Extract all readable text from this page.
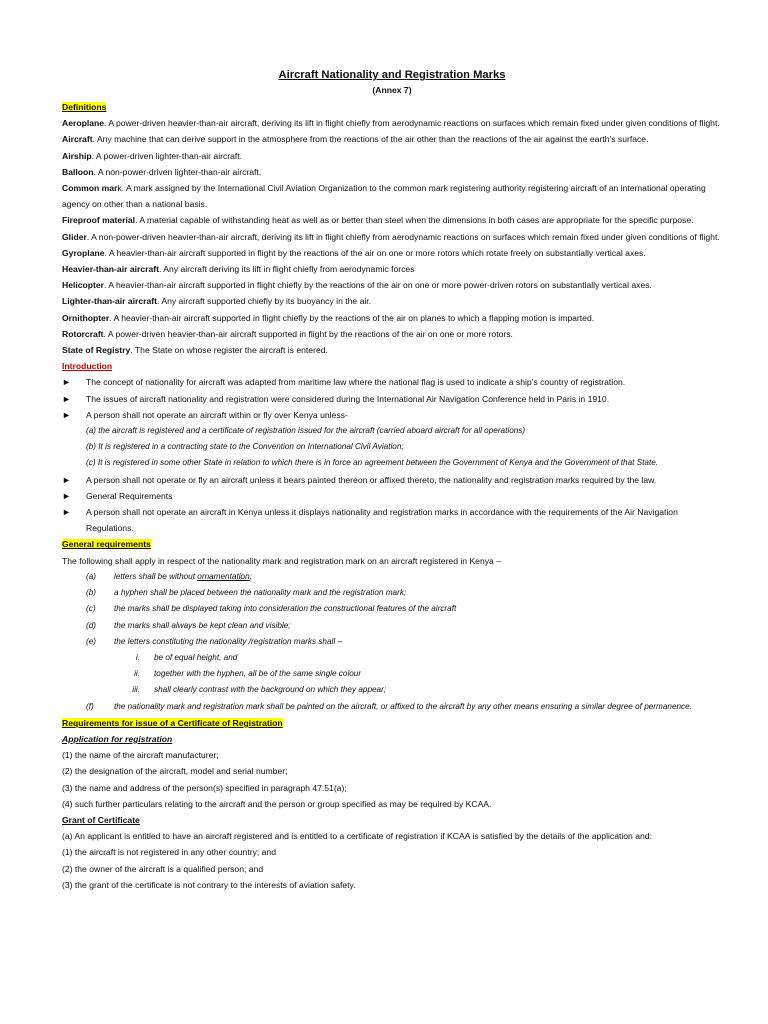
Aircraft Nationality and Registration Marks

(Annex 7)

Definitions

Aeroplane. A power-driven heavier-than-air aircraft, deriving its lift in flight chiefly from aerodynamic reactions on surfaces which remain fixed under given conditions of flight.

Aircraft. Any machine that can derive support in the atmosphere from the reactions of the air other than the reactions of the air against the earth’s surface.

Airship. A power-driven lighter-than-air aircraft.

Balloon. A non-power-driven lighter-than-air aircraft.

Common mark. A mark assigned by the International Civil Aviation Organization to the common mark registering authority registering aircraft of an international operating agency on other than a national basis.

Fireproof material. A material capable of withstanding heat as well as or better than steel when the dimensions in both cases are appropriate for the specific purpose.

Glider. A non-power-driven heavier-than-air aircraft, deriving its lift in flight chiefly from aerodynamic reactions on surfaces which remain fixed under given conditions of flight.

Gyroplane. A heavier-than-air aircraft supported in flight by the reactions of the air on one or more rotors which rotate freely on substantially vertical axes.

Heavier-than-air aircraft. Any aircraft deriving its lift in flight chiefly from aerodynamic forces

Helicopter. A heavier-than-air aircraft supported in flight chiefly by the reactions of the air on one or more power-driven rotors on substantially vertical axes.

Lighter-than-air aircraft. Any aircraft supported chiefly by its buoyancy in the air.

Ornithopter. A heavier-than-air aircraft supported in flight chiefly by the reactions of the air on planes to which a flapping motion is imparted.

Rotorcraft. A power-driven heavier-than-air aircraft supported in flight by the reactions of the air on one or more rotors.

State of Registry. The State on whose register the aircraft is entered.

Introduction

►	The concept of nationality for aircraft was adapted from maritime law where the national flag is used to indicate a ship’s country of registration.
►	The issues of aircraft nationality and registration were considered during the International Air Navigation Conference held in Paris in 1910.
►	A person shall not operate an aircraft within or fly over Kenya unless-

(a) the aircraft is registered and a certificate of registration issued for the aircraft (carried aboard aircraft for all operations)

(b) It is registered in a contracting state to the Convention on International Civil Aviation;

(c) It is registered in some other State in relation to which there is in force an agreement between the Government of Kenya and the Government of that State.

►	A person shall not operate or fly an aircraft unless it bears painted thereon or affixed thereto, the nationality and registration marks required by the law.
►	General Requirements
►	A person shall not operate an aircraft in Kenya unless it displays nationality and registration marks in accordance with the requirements of the Air Navigation Regulations.

General requirements

The following shall apply in respect of the nationality mark and registration mark on an aircraft registered in Kenya –

(a)	letters shall be without ornamentation;
(b)	a hyphen shall be placed between the nationality mark and the registration mark;
(c)	the marks shall be displayed taking into consideration the constructional features of the aircraft
(d)	the marks shall always be kept clean and visible;
(e)	the letters constituting the nationality /registration marks shall –
i.	be of equal height, and
ii.	together with the hyphen, all be of the same single colour
iii.	shall clearly contrast with the background on which they appear;
(f)	the nationality mark and registration mark shall be painted on the aircraft, or affixed to the aircraft by any other means ensuring a similar degree of permanence.

Requirements for issue of a Certificate of Registration

Application for registration

(1) the name of the aircraft manufacturer;

(2) the designation of the aircraft, model and serial number;

(3) the name and address of the person(s) specified in paragraph 47.51(a);

(4) such further particulars relating to the aircraft and the person or group specified as may be required by KCAA.

Grant of Certificate

(a) An applicant is entitled to have an aircraft registered and is entitled to a certificate of registration if KCAA is satisfied by the details of the application and:

(1) the aircraft is not registered in any other country; and

(2) the owner of the aircraft is a qualified person; and

(3) the grant of the certificate is not contrary to the interests of aviation safety.
